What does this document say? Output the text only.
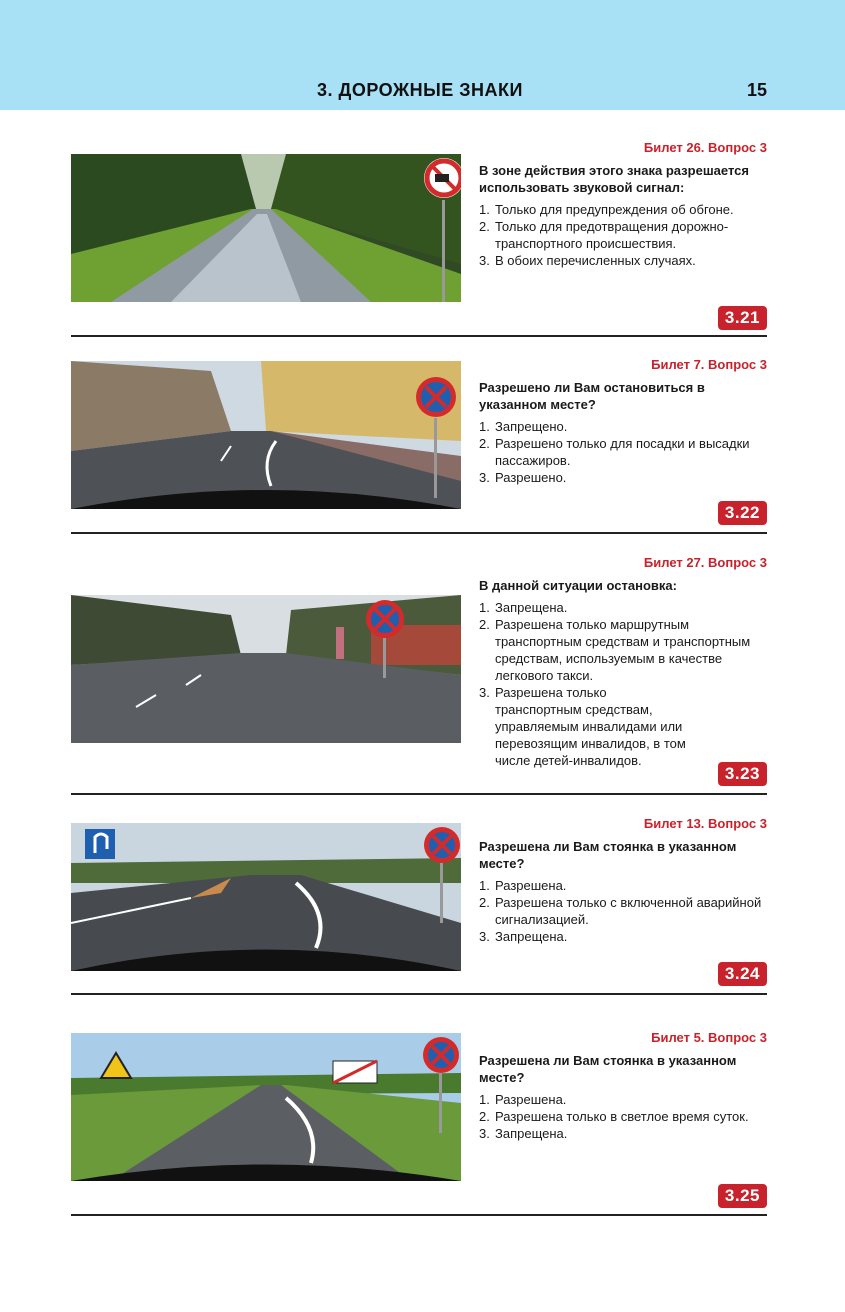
3. ДОРОЖНЫЕ ЗНАКИ	15
Билет 26. Вопрос 3

В зоне действия этого знака разрешается использовать звуковой сигнал:

1. Только для предупреждения об обгоне.
2. Только для предотвращения дорожно-транспортного происшествия.
3. В обоих перечисленных случаях.
3.21
Билет 7. Вопрос 3

Разрешено ли Вам остановиться в указанном месте?

1. Запрещено.
2. Разрешено только для посадки и высадки пассажиров.
3. Разрешено.
3.22
Билет 27. Вопрос 3

В данной ситуации остановка:

1. Запрещена.
2. Разрешена только маршрутным транспортным средствам и транспортным средствам, используемым в качестве легкового такси.
3. Разрешена только транспортным средствам, управляемым инвалидами или перевозящим инвалидов, в том числе детей-инвалидов.
3.23
Билет 13. Вопрос 3

Разрешена ли Вам стоянка в указанном месте?

1. Разрешена.
2. Разрешена только с включенной аварийной сигнализацией.
3. Запрещена.
3.24
Билет 5. Вопрос 3

Разрешена ли Вам стоянка в указанном месте?

1. Разрешена.
2. Разрешена только в светлое время суток.
3. Запрещена.
3.25
